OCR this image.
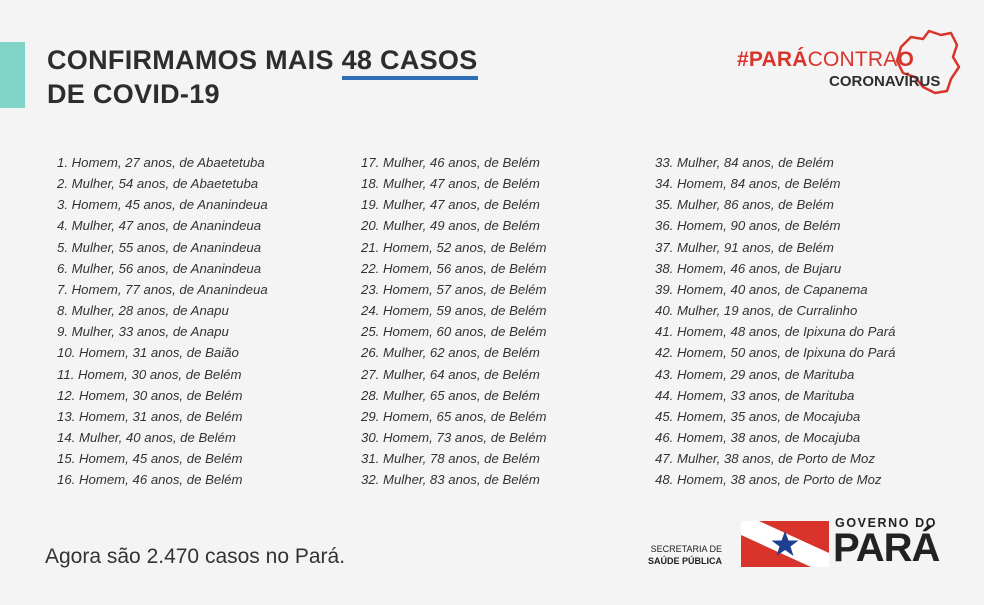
CONFIRMAMOS MAIS 48 CASOS
DE COVID-19
#PARÁCONTRAO
CORONAVÍRUS
1. Homem, 27 anos, de Abaetetuba
2. Mulher, 54 anos, de Abaetetuba
3. Homem, 45 anos, de Ananindeua
4. Mulher, 47 anos, de Ananindeua
5. Mulher, 55 anos, de Ananindeua
6. Mulher, 56 anos, de Ananindeua
7. Homem, 77 anos, de Ananindeua
8. Mulher, 28 anos, de Anapu
9. Mulher, 33 anos, de Anapu
10. Homem, 31 anos, de Baião
11. Homem, 30 anos, de Belém
12. Homem, 30 anos, de Belém
13. Homem, 31 anos, de Belém
14. Mulher, 40 anos, de Belém
15. Homem, 45 anos, de Belém
16. Homem, 46 anos, de Belém
17. Mulher, 46 anos, de Belém
18. Mulher, 47 anos, de Belém
19. Mulher, 47 anos, de Belém
20. Mulher, 49 anos, de Belém
21. Homem, 52 anos, de Belém
22. Homem, 56 anos, de Belém
23. Homem, 57 anos, de Belém
24. Homem, 59 anos, de Belém
25. Homem, 60 anos, de Belém
26. Mulher, 62 anos, de Belém
27. Mulher, 64 anos, de Belém
28. Mulher, 65 anos, de Belém
29. Homem, 65 anos, de Belém
30. Homem, 73 anos, de Belém
31. Mulher, 78 anos, de Belém
32. Mulher, 83 anos, de Belém
33. Mulher, 84 anos, de Belém
34. Homem, 84 anos, de Belém
35. Mulher, 86 anos, de Belém
36. Homem, 90 anos, de Belém
37. Mulher, 91 anos, de Belém
38. Homem, 46 anos, de Bujaru
39. Homem, 40 anos, de Capanema
40. Mulher, 19 anos, de Curralinho
41. Homem, 48 anos, de Ipixuna do Pará
42. Homem, 50 anos, de Ipixuna do Pará
43. Homem, 29 anos, de Marituba
44. Homem, 33 anos, de Marituba
45. Homem, 35 anos, de Mocajuba
46. Homem, 38 anos, de Mocajuba
47. Mulher, 38 anos, de Porto de Moz
48. Homem, 38 anos, de Porto de Moz
Agora são 2.470 casos no Pará.	SECRETARIA DE
SAÚDE PÚBLICA
GOVERNO DO
PARÁ
